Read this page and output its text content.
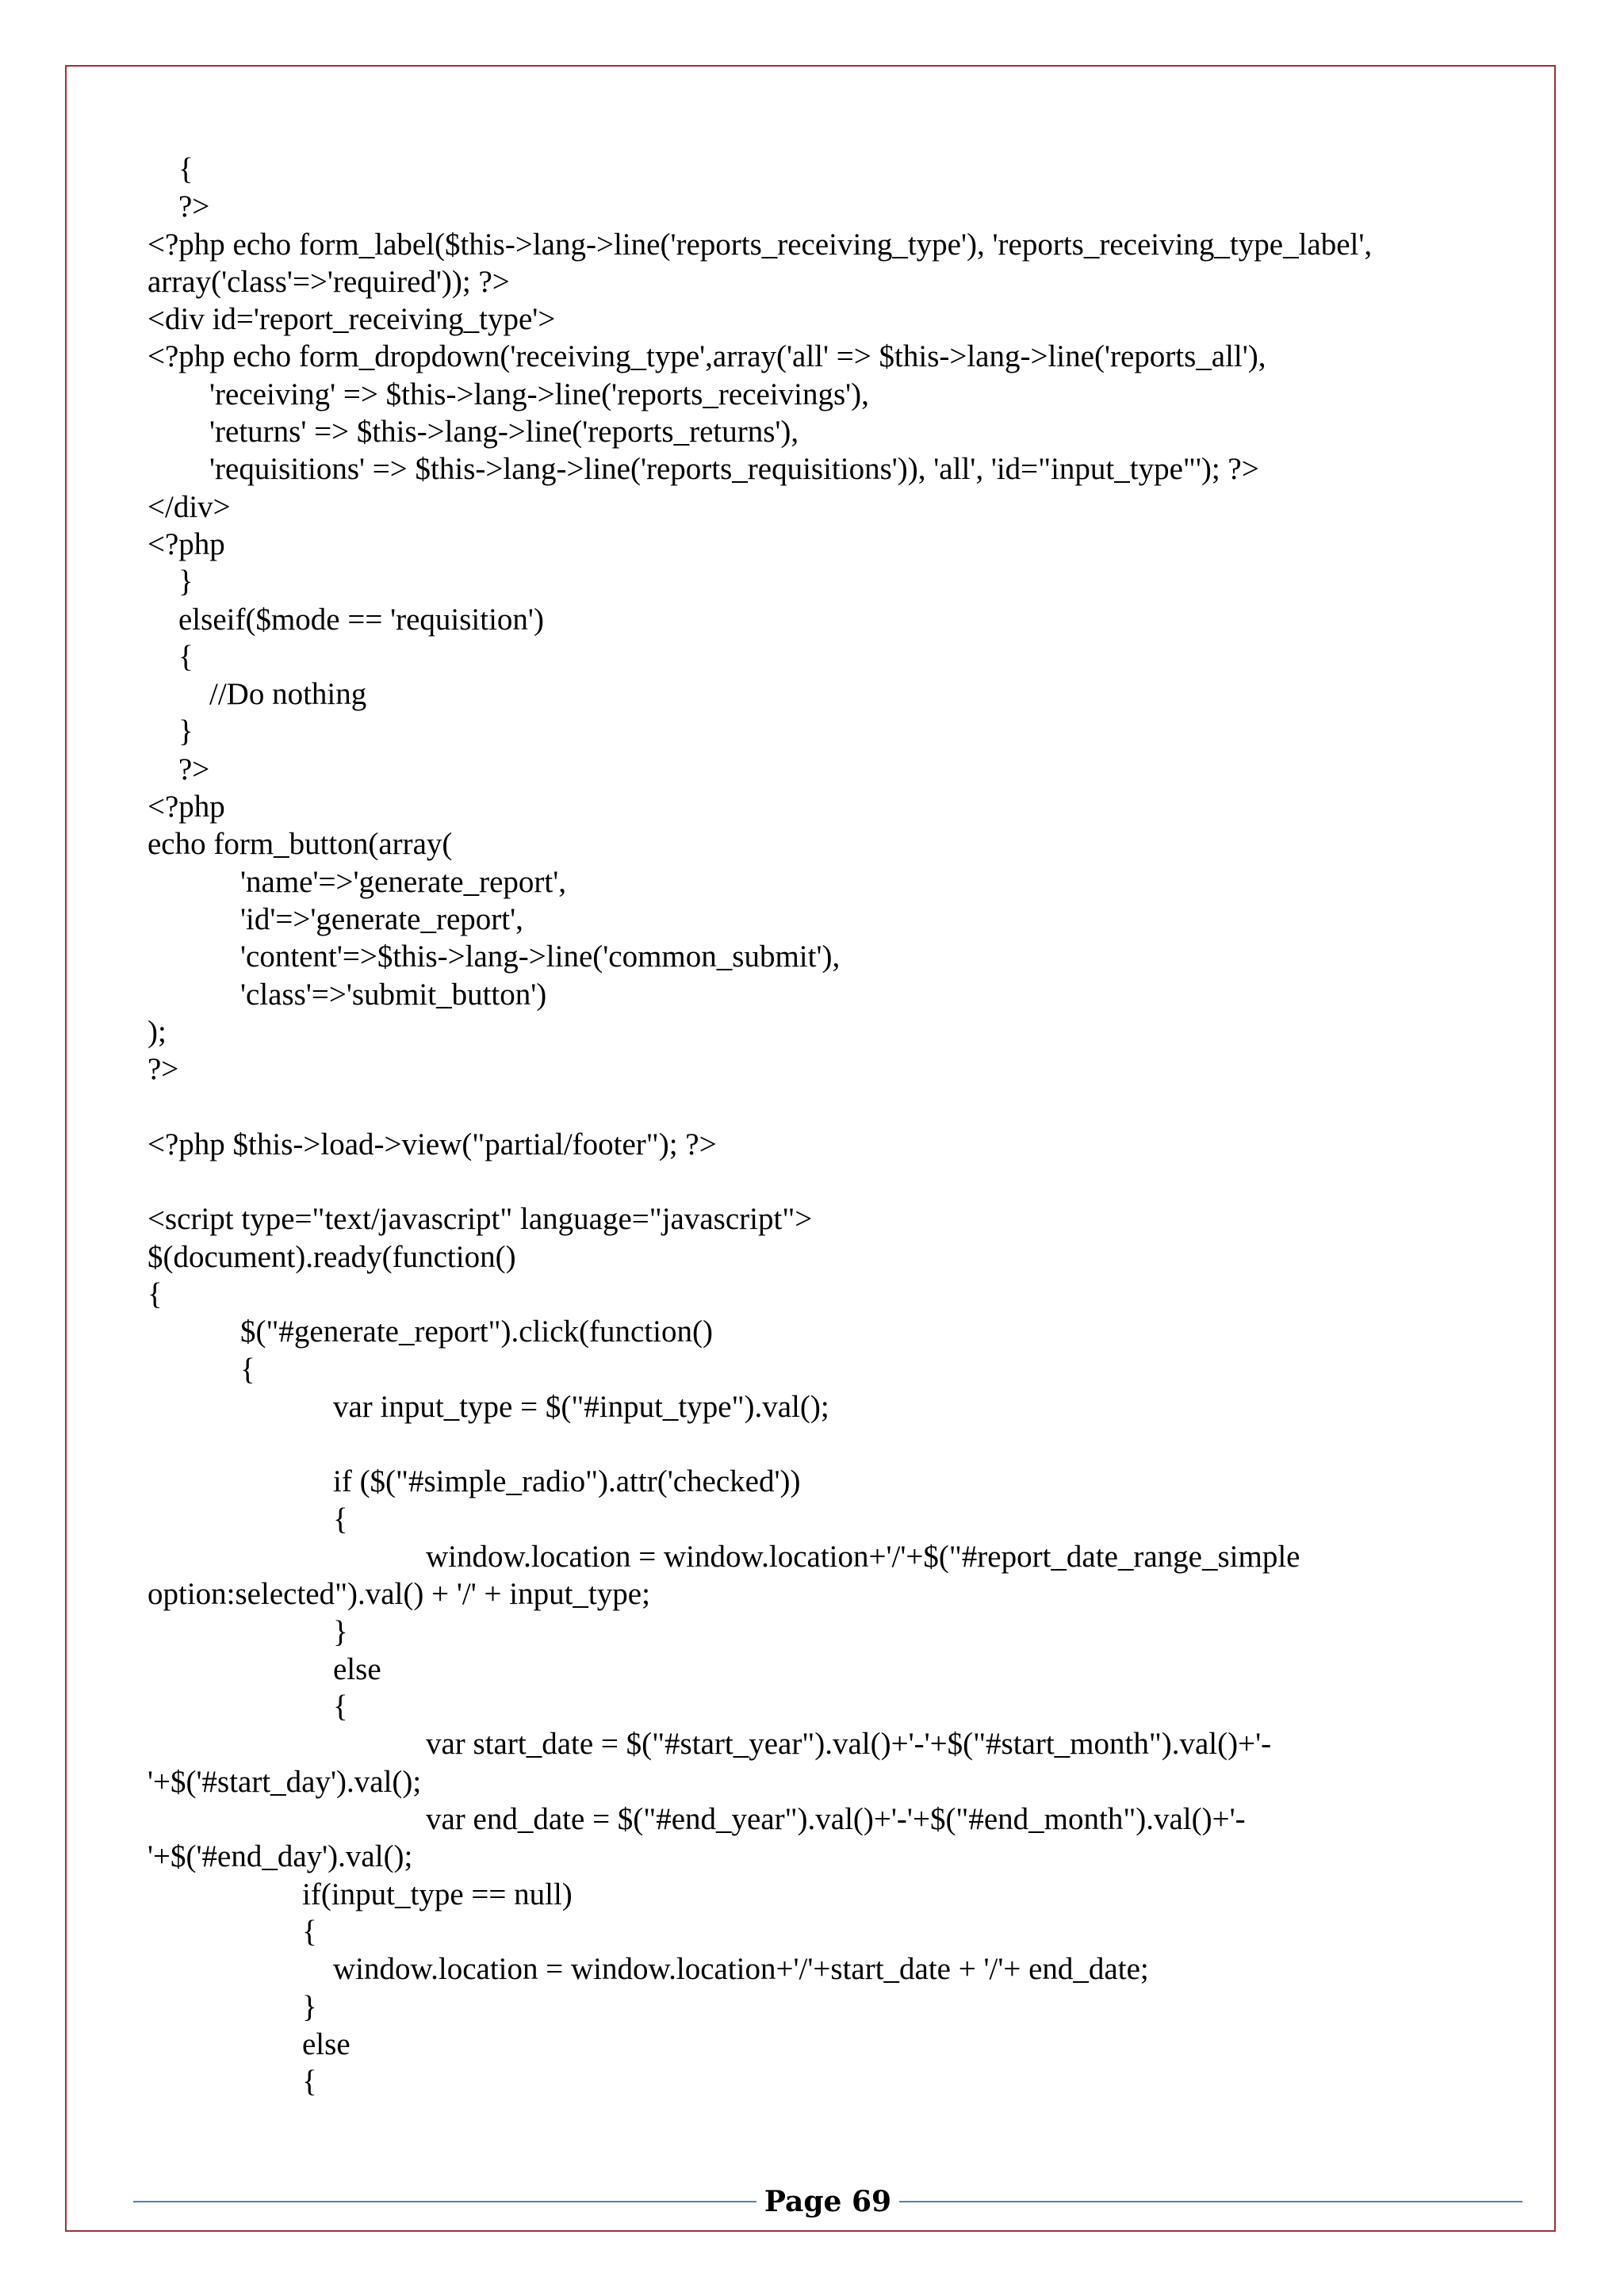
{
?>
<?php echo form_label($this->lang->line('reports_receiving_type'), 'reports_receiving_type_label',
array('class'=>'required')); ?>
<div id='report_receiving_type'>
<?php echo form_dropdown('receiving_type',array('all' => $this->lang->line('reports_all'),
'receiving' => $this->lang->line('reports_receivings'),
'returns' => $this->lang->line('reports_returns'),
'requisitions' => $this->lang->line('reports_requisitions')), 'all', 'id="input_type"'); ?>
</div>
<?php
}
elseif($mode == 'requisition')
{
//Do nothing
}
?>
<?php
echo form_button(array(
'name'=>'generate_report',
'id'=>'generate_report',
'content'=>$this->lang->line('common_submit'),
'class'=>'submit_button')
);
?>
<?php $this->load->view("partial/footer"); ?>
<script type="text/javascript" language="javascript">
$(document).ready(function()
{
$("#generate_report").click(function()
{
var input_type = $("#input_type").val();
if ($("#simple_radio").attr('checked'))
{
window.location = window.location+'/'+$("#report_date_range_simple
option:selected").val() + '/' + input_type;
}
else
{
var start_date = $("#start_year").val()+'-'+$("#start_month").val()+'-
'+$('#start_day').val();
var end_date = $("#end_year").val()+'-'+$("#end_month").val()+'-
'+$('#end_day').val();
if(input_type == null)
{
window.location = window.location+'/'+start_date + '/'+ end_date;
}
else
{
Page 69
